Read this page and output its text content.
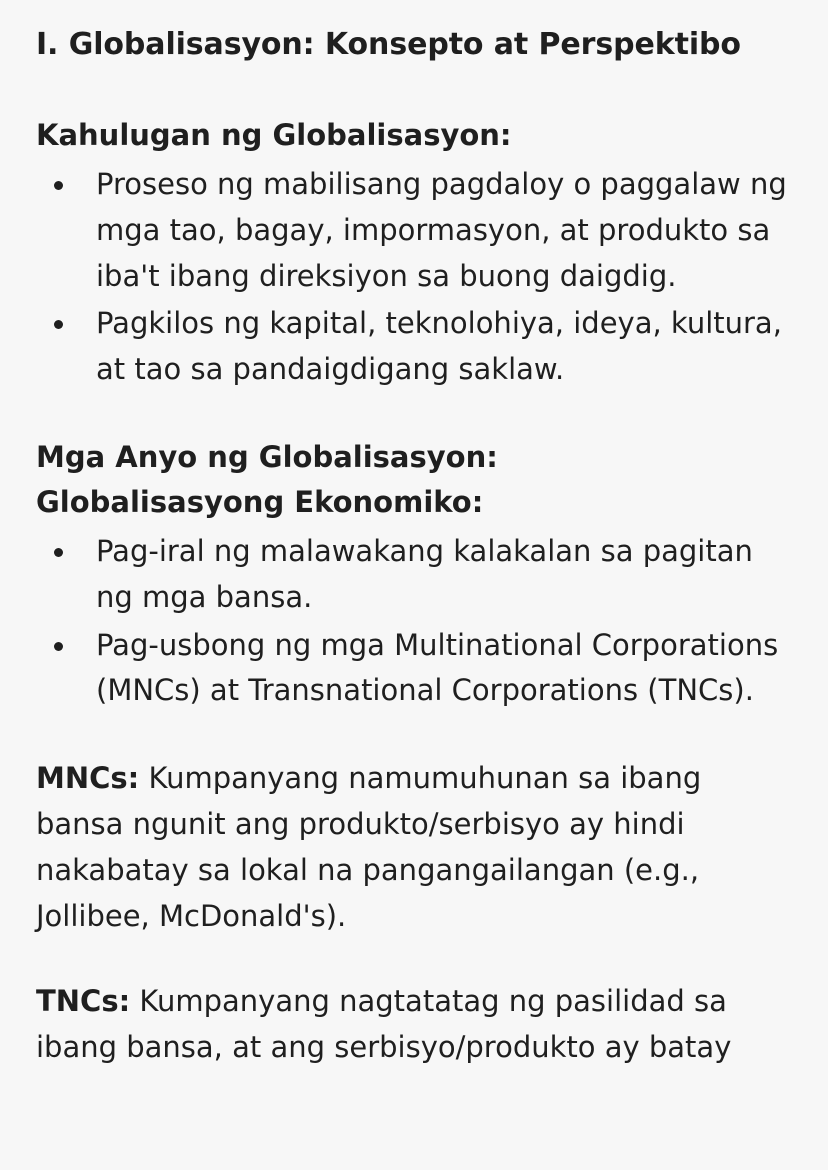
I. Globalisasyon: Konsepto at Perspektibo
Kahulugan ng Globalisasyon:
Proseso ng mabilisang pagdaloy o paggalaw ng mga tao, bagay, impormasyon, at produkto sa iba't ibang direksiyon sa buong daigdig.
Pagkilos ng kapital, teknolohiya, ideya, kultura, at tao sa pandaigdigang saklaw.
Mga Anyo ng Globalisasyon:
Globalisasyong Ekonomiko:
Pag-iral ng malawakang kalakalan sa pagitan ng mga bansa.
Pag-usbong ng mga Multinational Corporations (MNCs) at Transnational Corporations (TNCs).

MNCs: Kumpanyang namumuhunan sa ibang bansa ngunit ang produkto/serbisyo ay hindi nakabatay sa lokal na pangangailangan (e.g., Jollibee, McDonald's).

TNCs: Kumpanyang nagtatatag ng pasilidad sa ibang bansa, at ang serbisyo/produkto ay batay
